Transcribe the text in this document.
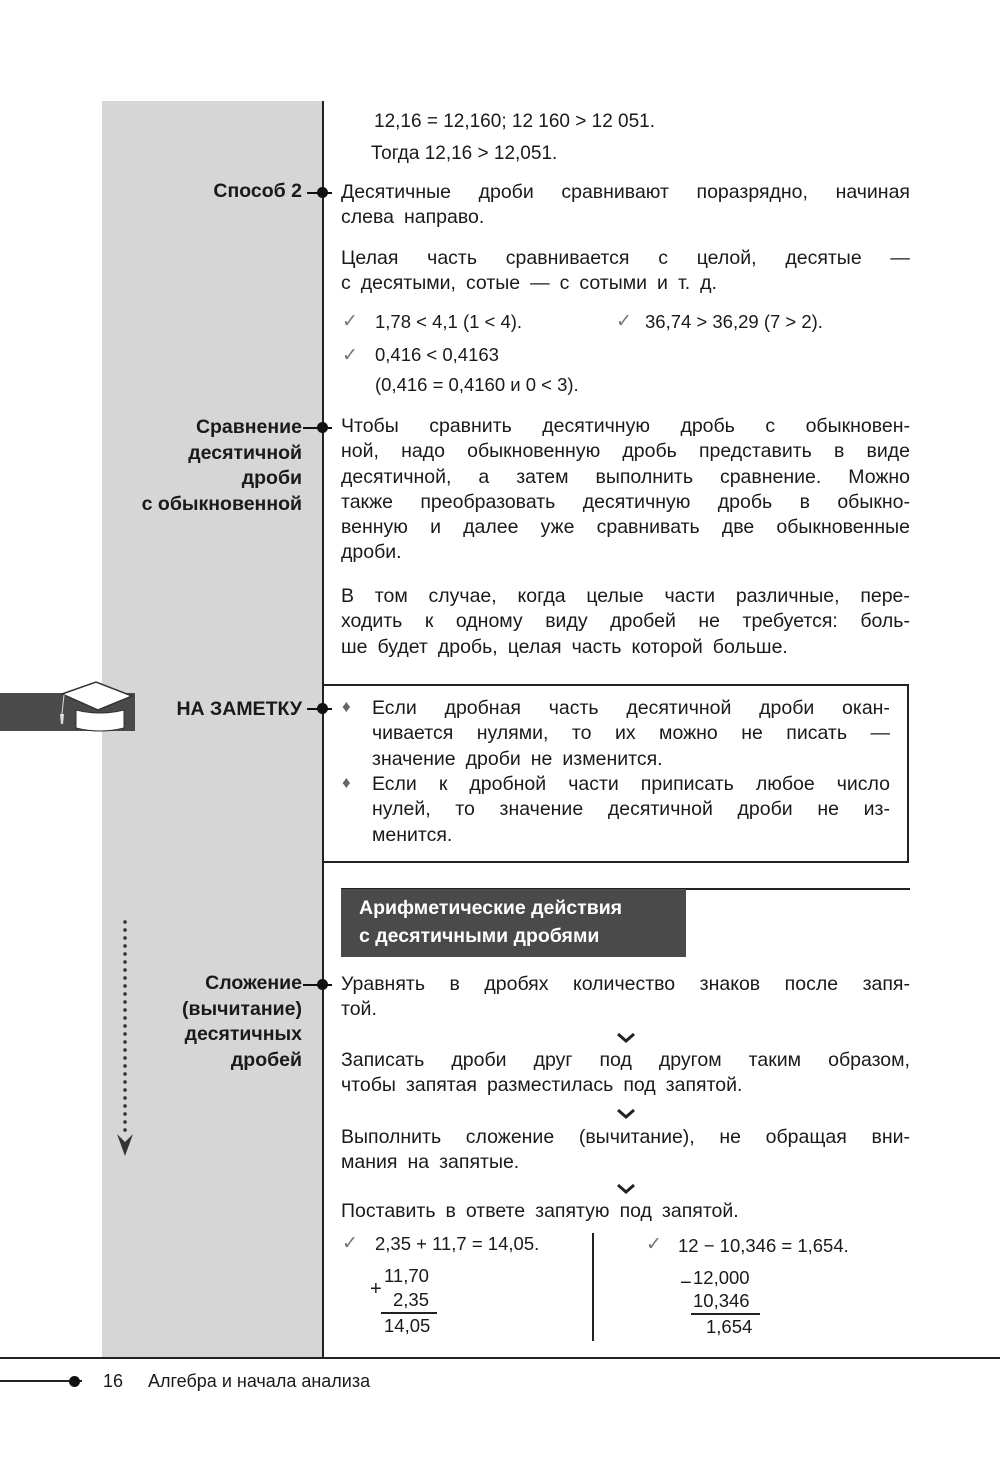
12,16 = 12,160; 12 160 > 12 051.
Тогда 12,16 > 12,051.
Способ 2 Десятичные дроби сравнивают поразрядно, начиная
слева направо.
Целая часть сравнивается с целой, десятые —
с десятыми, сотые — с сотыми и т. д.
✓ 1,78 < 4,1 (1 < 4).	✓ 36,74 > 36,29 (7 > 2).
✓ 0,416 < 0,4163
(0,416 = 0,4160 и 0 < 3).
Сравнение
десятичной
дроби
с обыкновенной
Чтобы сравнить десятичную дробь с обыкновен-
ной, надо обыкновенную дробь представить в виде
десятичной, а затем выполнить сравнение. Можно
также преобразовать десятичную дробь в обыкно-
венную и далее уже сравнивать две обыкновенные
дроби.
В том случае, когда целые части различные, пере-
ходить к одному виду дробей не требуется: боль-
ше будет дробь, целая часть которой больше.
НА ЗАМЕТКУ ♦ Если дробная часть десятичной дроби окан-
чивается нулями, то их можно не писать —
значение дроби не изменится.
♦ Если к дробной части приписать любое число
нулей, то значение десятичной дроби не из-
менится.
Арифметические действия
с десятичными дробями
Сложение
(вычитание)
десятичных
дробей
Уравнять в дробях количество знаков после запя-
той.
Записать дроби друг под другом таким образом,
чтобы запятая разместилась под запятой.
Выполнить сложение (вычитание), не обращая вни-
мания на запятые.
Поставить в ответе запятую под запятой.
✓ 2,35 + 11,7 = 14,05.
+
11,70
2,35
14,05
✓ 12 − 10,346 = 1,654.
− 12,000
10,346
1,654
16 Алгебра и начала анализа
